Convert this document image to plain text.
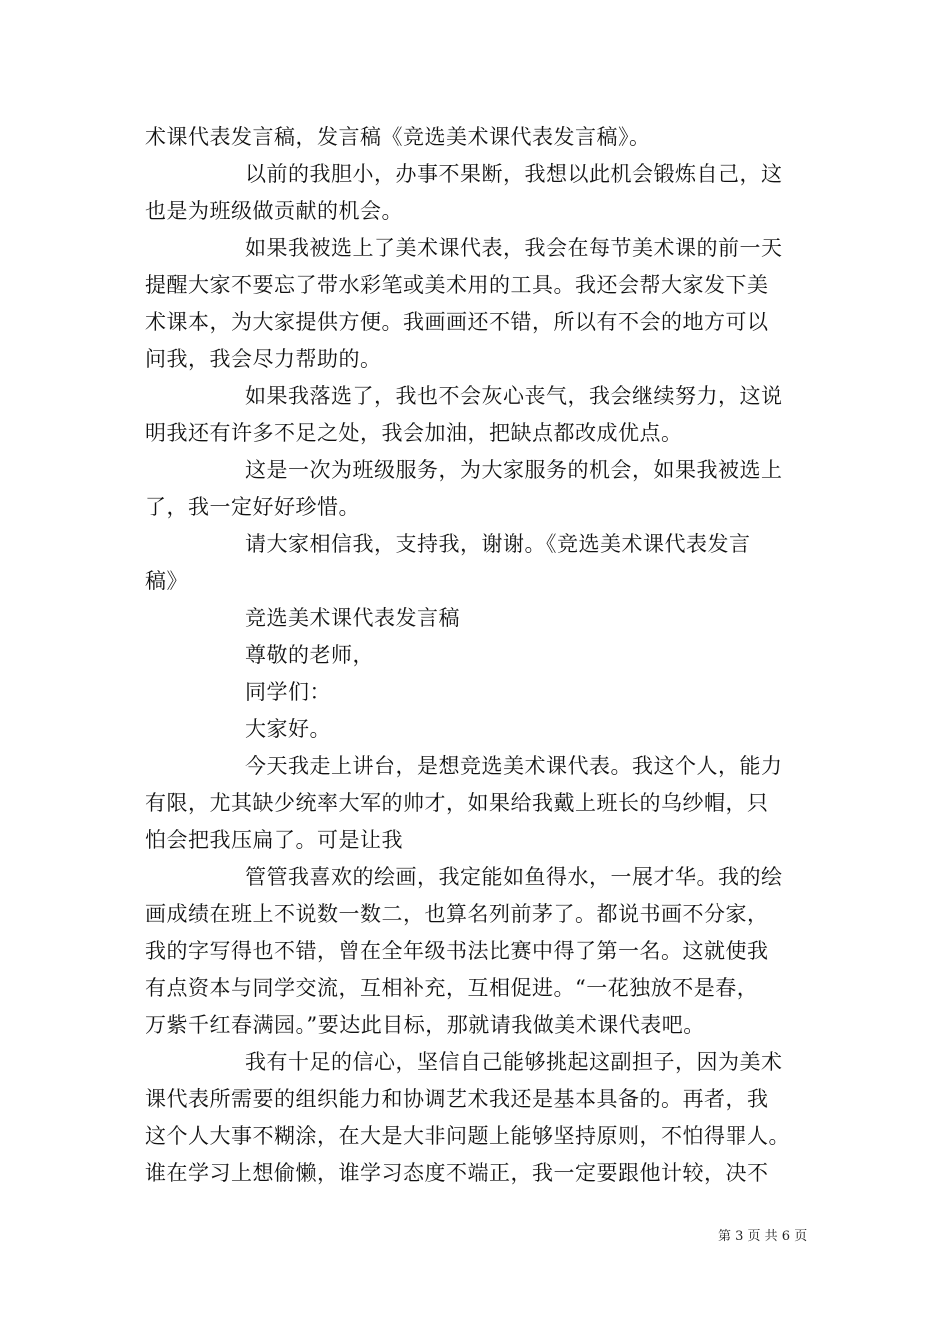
术课代表发言稿，发言稿《竞选美术课代表发言稿》。
以前的我胆小，办事不果断，我想以此机会锻炼自己，这
也是为班级做贡献的机会。
如果我被选上了美术课代表，我会在每节美术课的前一天
提醒大家不要忘了带水彩笔或美术用的工具。我还会帮大家发下美
术课本，为大家提供方便。我画画还不错，所以有不会的地方可以
问我，我会尽力帮助的。
如果我落选了，我也不会灰心丧气，我会继续努力，这说
明我还有许多不足之处，我会加油，把缺点都改成优点。
这是一次为班级服务，为大家服务的机会，如果我被选上
了，我一定好好珍惜。
请大家相信我，支持我，谢谢。《竞选美术课代表发言
稿》
竞选美术课代表发言稿
尊敬的老师，
同学们：
大家好。
今天我走上讲台，是想竞选美术课代表。我这个人，能力
有限，尤其缺少统率大军的帅才，如果给我戴上班长的乌纱帽，只
怕会把我压扁了。可是让我
管管我喜欢的绘画，我定能如鱼得水，一展才华。我的绘
画成绩在班上不说数一数二，也算名列前茅了。都说书画不分家，
我的字写得也不错，曾在全年级书法比赛中得了第一名。这就使我
有点资本与同学交流，互相补充，互相促进。“一花独放不是春，
万紫千红春满园。”要达此目标，那就请我做美术课代表吧。
我有十足的信心，坚信自己能够挑起这副担子，因为美术
课代表所需要的组织能力和协调艺术我还是基本具备的。再者，我
这个人大事不糊涂，在大是大非问题上能够坚持原则，不怕得罪人。
谁在学习上想偷懒，谁学习态度不端正，我一定要跟他计较，决不
第 3 页 共 6 页
